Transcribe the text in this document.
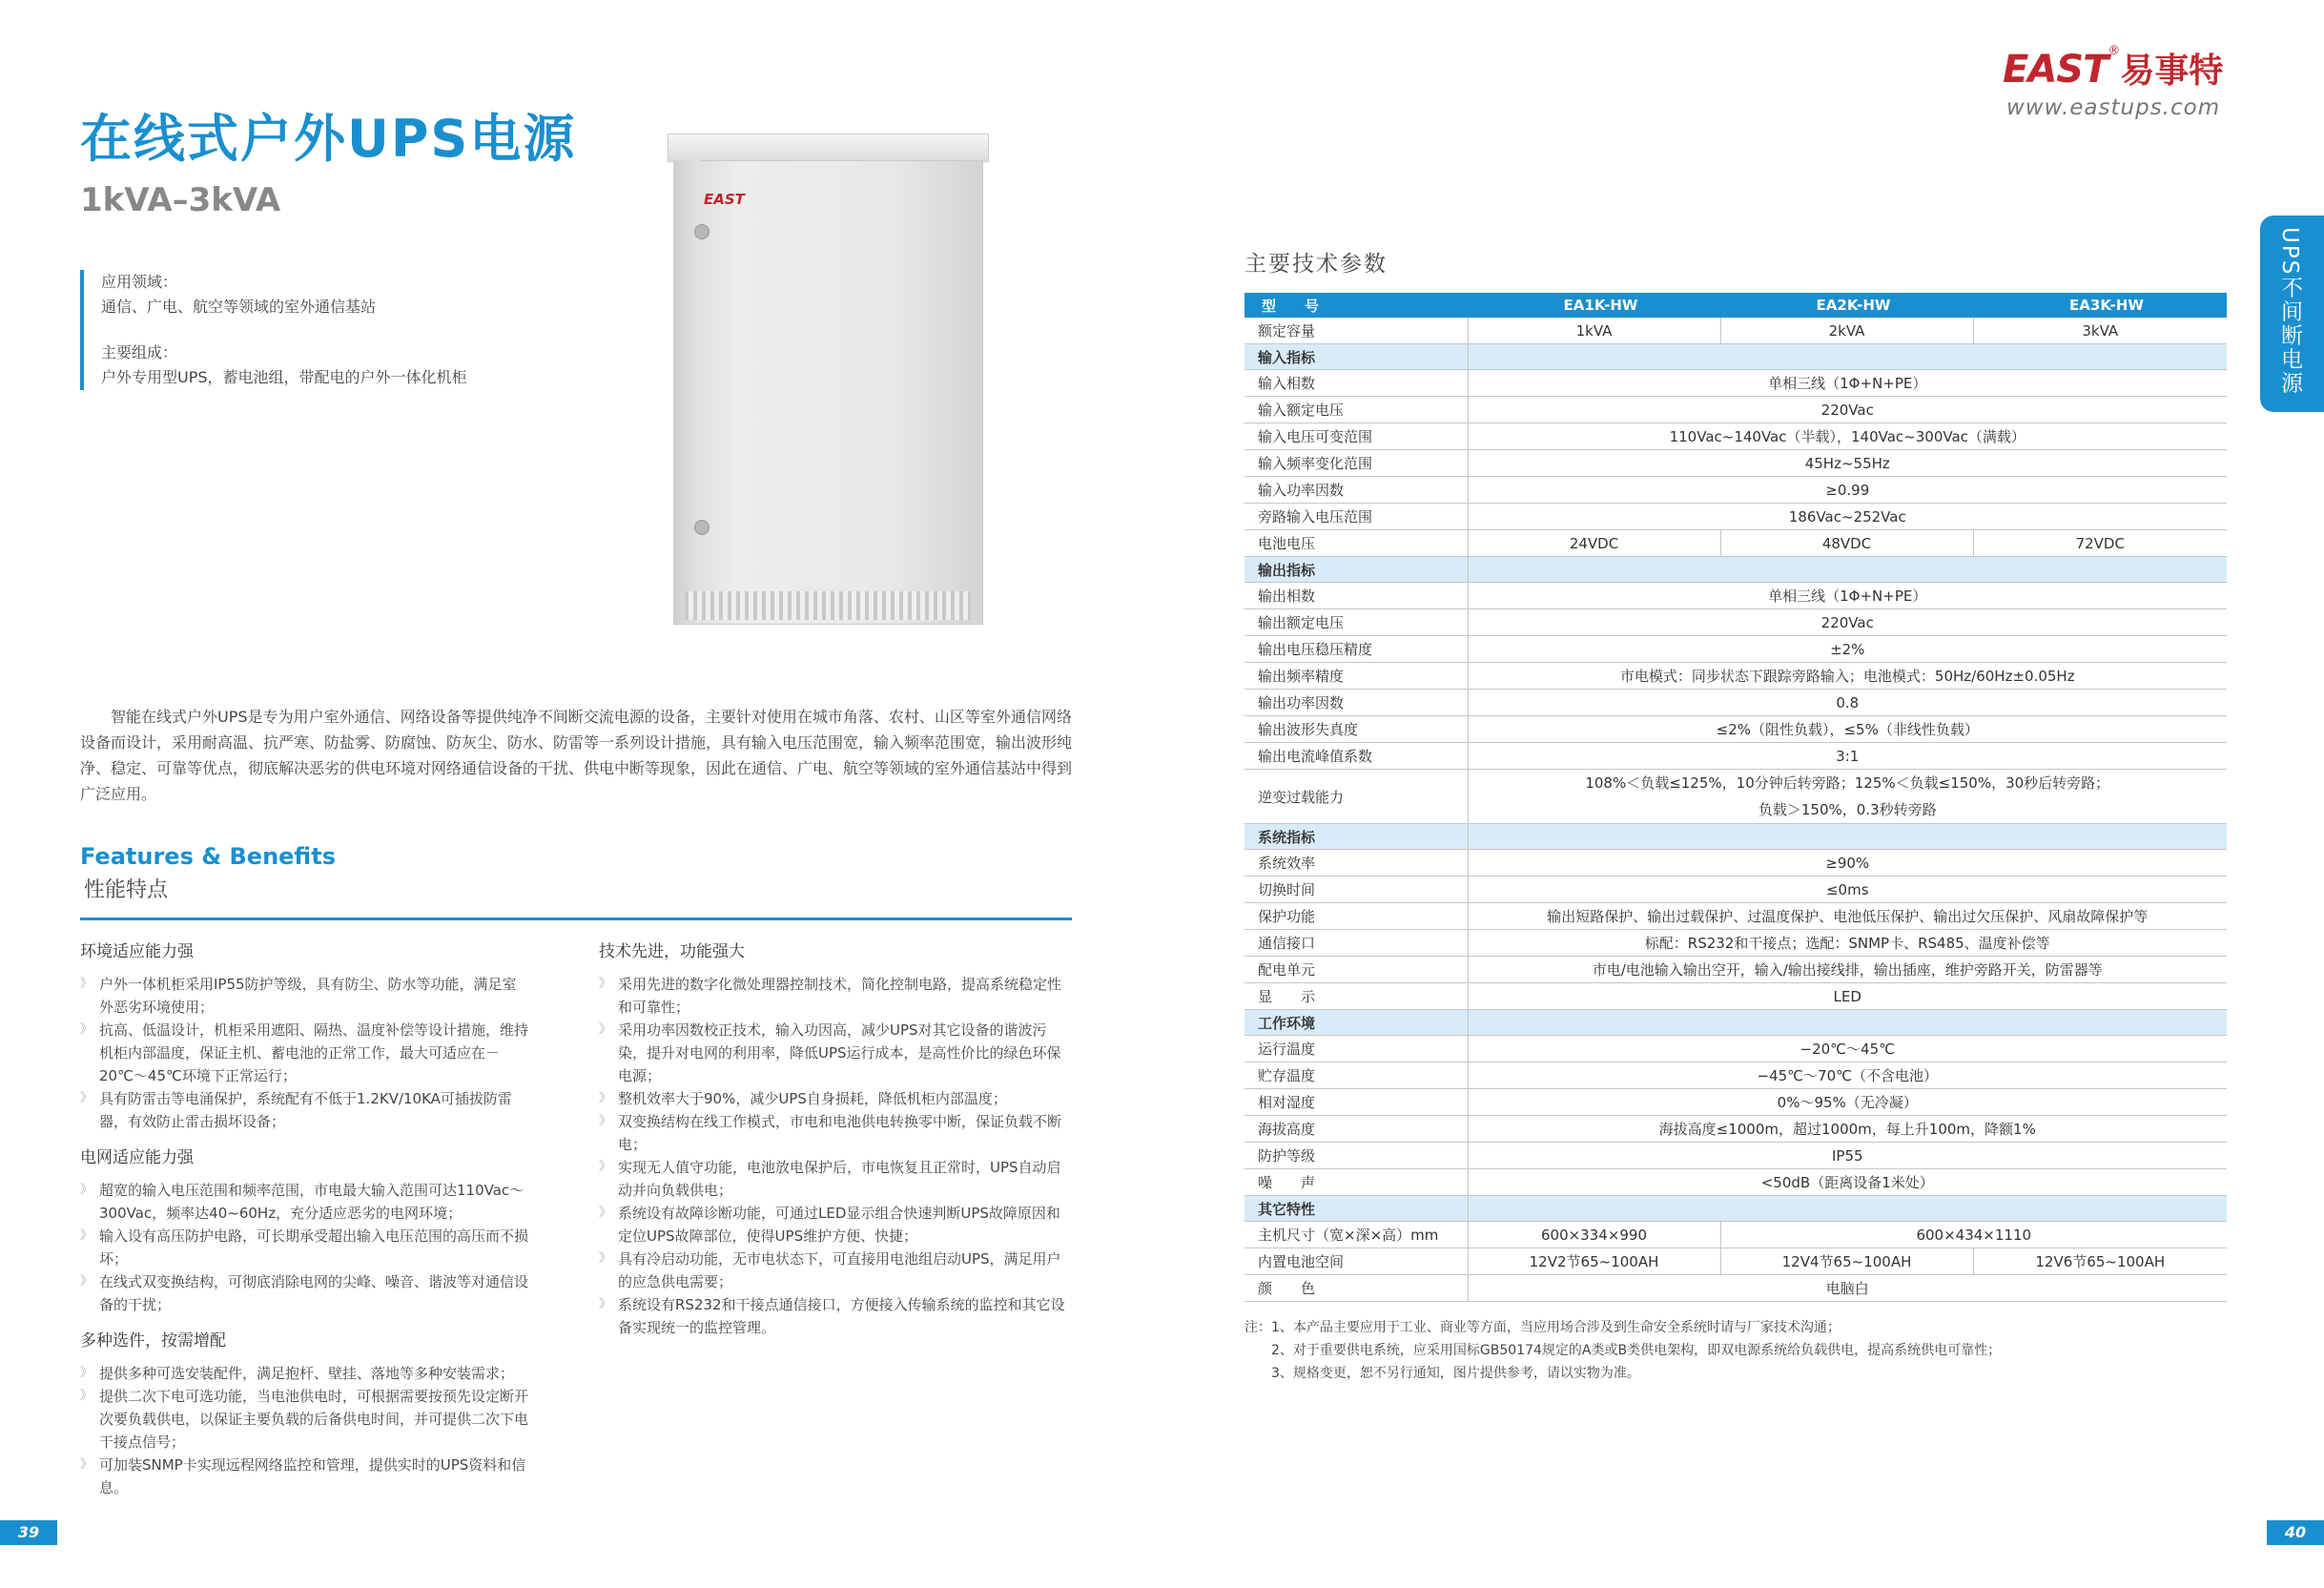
在线式户外UPS电源
1kVA–3kVA
应用领域：
通信、广电、航空等领域的室外通信基站
主要组成：
户外专用型UPS，蓄电池组，带配电的户外一体化机柜
EAST
智能在线式户外UPS是专为用户室外通信、网络设备等提供纯净不间断交流电源的设备，主要针对使用在城市角落、农村、山区等室外通信网络设备而设计，采用耐高温、抗严寒、防盐雾、防腐蚀、防灰尘、防水、防雷等一系列设计措施，具有输入电压范围宽，输入频率范围宽，输出波形纯净、稳定、可靠等优点，彻底解决恶劣的供电环境对网络通信设备的干扰、供电中断等现象，因此在通信、广电、航空等领域的室外通信基站中得到广泛应用。
Features & Benefits
性能特点
环境适应能力强
》 户外一体机柜采用IP55防护等级，具有防尘、防水等功能，满足室外恶劣环境使用；
》 抗高、低温设计，机柜采用遮阳、隔热、温度补偿等设计措施，维持机柜内部温度，保证主机、蓄电池的正常工作，最大可适应在－20℃～45℃环境下正常运行；
》 具有防雷击等电涌保护，系统配有不低于1.2KV/10KA可插拔防雷器，有效防止雷击损坏设备；
电网适应能力强
》 超宽的输入电压范围和频率范围，市电最大输入范围可达110Vac～300Vac，频率达40~60Hz，充分适应恶劣的电网环境；
》 输入设有高压防护电路，可长期承受超出输入电压范围的高压而不损坏；
》 在线式双变换结构，可彻底消除电网的尖峰、噪音、谐波等对通信设备的干扰；
多种选件，按需增配
》 提供多种可选安装配件，满足抱杆、壁挂、落地等多种安装需求；
》 提供二次下电可选功能，当电池供电时，可根据需要按预先设定断开次要负载供电，以保证主要负载的后备供电时间，并可提供二次下电干接点信号；
》 可加装SNMP卡实现远程网络监控和管理，提供实时的UPS资料和信息。
技术先进，功能强大
》 采用先进的数字化微处理器控制技术，简化控制电路，提高系统稳定性和可靠性；
》 采用功率因数校正技术，输入功因高，减少UPS对其它设备的谐波污染，提升对电网的利用率，降低UPS运行成本，是高性价比的绿色环保电源；
》 整机效率大于90%，减少UPS自身损耗，降低机柜内部温度；
》 双变换结构在线工作模式，市电和电池供电转换零中断，保证负载不断电；
》 实现无人值守功能，电池放电保护后，市电恢复且正常时，UPS自动启动并向负载供电；
》 系统设有故障诊断功能，可通过LED显示组合快速判断UPS故障原因和定位UPS故障部位，使得UPS维护方便、快捷；
》 具有冷启动功能，无市电状态下，可直接用电池组启动UPS，满足用户的应急供电需要；
》 系统设有RS232和干接点通信接口，方便接入传输系统的监控和其它设备实现统一的监控管理。
39
EAST®易事特
www.eastups.com
UPS不间断电源
主要技术参数
型　　号	EA1K-HW	EA2K-HW	EA3K-HW
额定容量	1kVA	2kVA	3kVA
输入指标			
输入相数	单相三线（1Φ+N+PE）		
输入额定电压	220Vac		
输入电压可变范围	110Vac~140Vac（半载），140Vac~300Vac（满载）		
输入频率变化范围	45Hz~55Hz		
输入功率因数	≥0.99		
旁路输入电压范围	186Vac~252Vac		
电池电压	24VDC	48VDC	72VDC
输出指标			
输出相数	单相三线（1Φ+N+PE）		
输出额定电压	220Vac		
输出电压稳压精度	±2%		
输出频率精度	市电模式：同步状态下跟踪旁路输入；电池模式：50Hz/60Hz±0.05Hz		
输出功率因数	0.8		
输出波形失真度	≤2%（阻性负载），≤5%（非线性负载）		
输出电流峰值系数	3:1		
逆变过载能力	108%＜负载≤125%，10分钟后转旁路；125%＜负载≤150%，30秒后转旁路；
负载＞150%，0.3秒转旁路		

系统指标			
系统效率	≥90%		
切换时间	≤0ms		
保护功能	输出短路保护、输出过载保护、过温度保护、电池低压保护、输出过欠压保护、风扇故障保护等		
通信接口	标配：RS232和干接点；选配：SNMP卡、RS485、温度补偿等		
配电单元	市电/电池输入输出空开，输入/输出接线排，输出插座，维护旁路开关，防雷器等		
显　　示	LED		
工作环境			
运行温度	−20℃～45℃		
贮存温度	−45℃～70℃（不含电池）		
相对湿度	0%～95%（无冷凝）		
海拔高度	海拔高度≤1000m，超过1000m，每上升100m，降额1%		
防护等级	IP55		
噪　　声	<50dB（距离设备1米处）		
其它特性			
主机尺寸（宽×深×高）mm	600×334×990	600×434×1110	
内置电池空间	12V2节65~100AH	12V4节65~100AH	12V6节65~100AH
颜　　色	电脑白		
注：1、本产品主要应用于工业、商业等方面，当应用场合涉及到生命安全系统时请与厂家技术沟通；
　　2、对于重要供电系统，应采用国标GB50174规定的A类或B类供电架构，即双电源系统给负载供电，提高系统供电可靠性；
　　3、规格变更，恕不另行通知，图片提供参考，请以实物为准。
40
